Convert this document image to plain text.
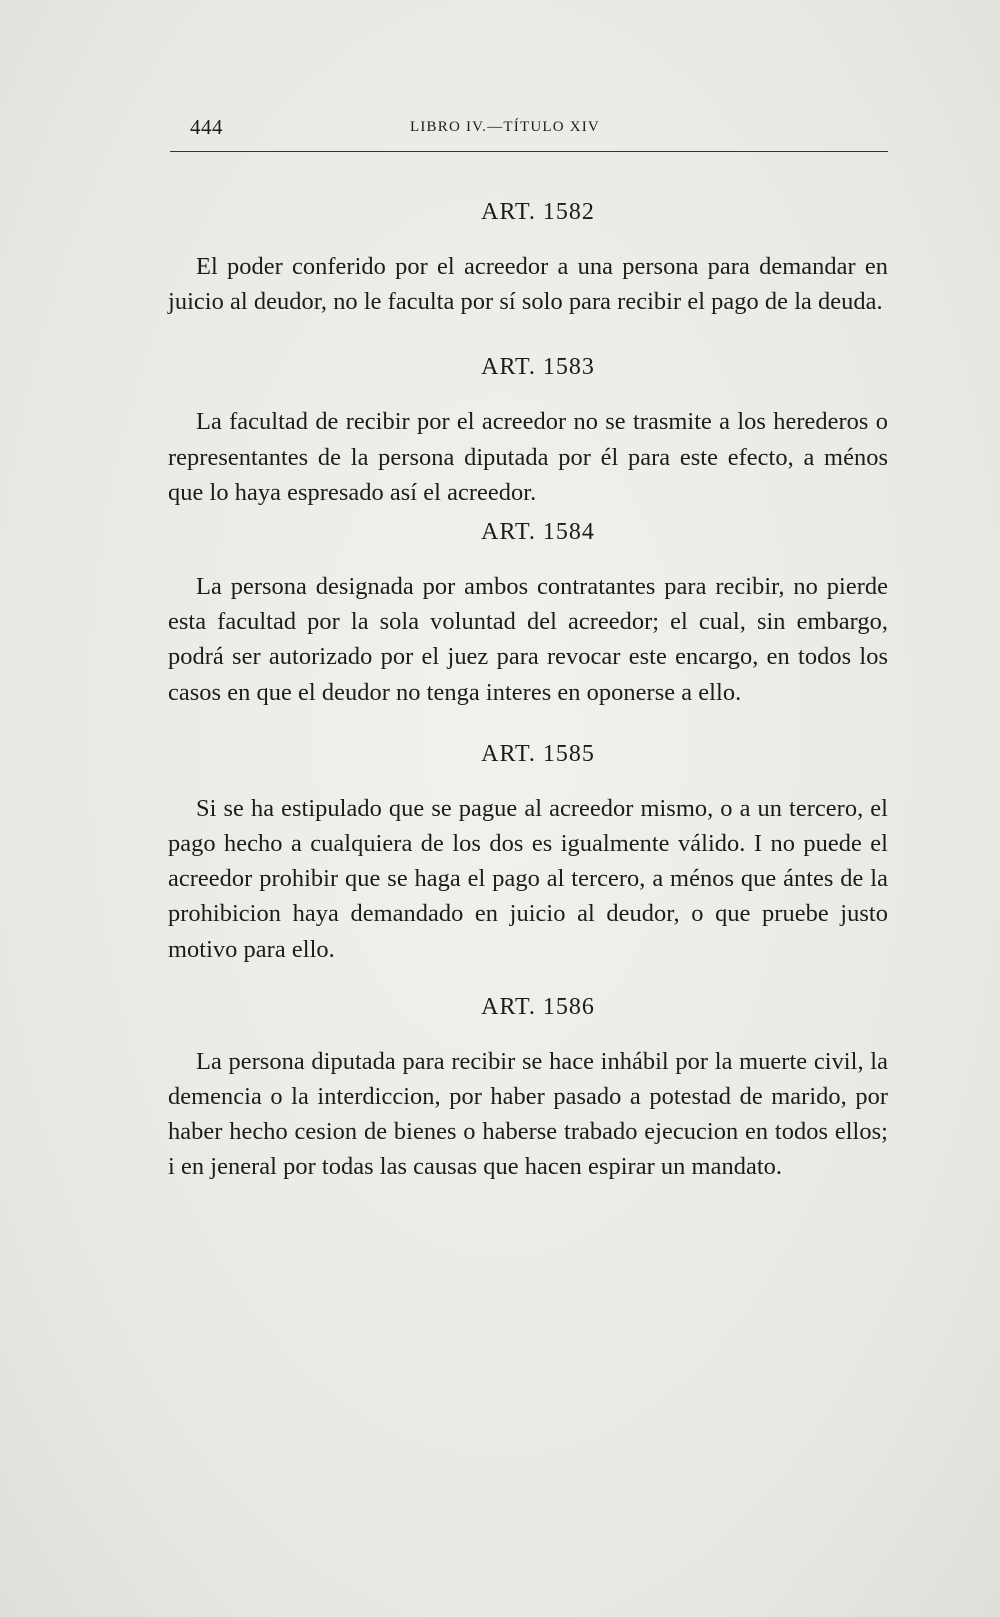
444	LIBRO IV.—TÍTULO XIV
ART. 1582

El poder conferido por el acreedor a una persona para demandar en juicio al deudor, no le faculta por sí solo para recibir el pago de la deuda.

ART. 1583

La facultad de recibir por el acreedor no se trasmite a los herederos o representantes de la persona diputada por él para este efecto, a ménos que lo haya espresado así el acreedor.

ART. 1584

La persona designada por ambos contratantes para recibir, no pierde esta facultad por la sola voluntad del acreedor; el cual, sin embargo, podrá ser autorizado por el juez para revocar este encargo, en todos los casos en que el deudor no tenga interes en oponerse a ello.

ART. 1585

Si se ha estipulado que se pague al acreedor mismo, o a un tercero, el pago hecho a cualquiera de los dos es igualmente válido. I no puede el acreedor prohibir que se haga el pago al tercero, a ménos que ántes de la prohibicion haya demandado en juicio al deudor, o que pruebe justo motivo para ello.

ART. 1586

La persona diputada para recibir se hace inhábil por la muerte civil, la demencia o la interdiccion, por haber pasado a potestad de marido, por haber hecho cesion de bienes o haberse trabado ejecucion en todos ellos; i en jeneral por todas las causas que hacen espirar un mandato.
